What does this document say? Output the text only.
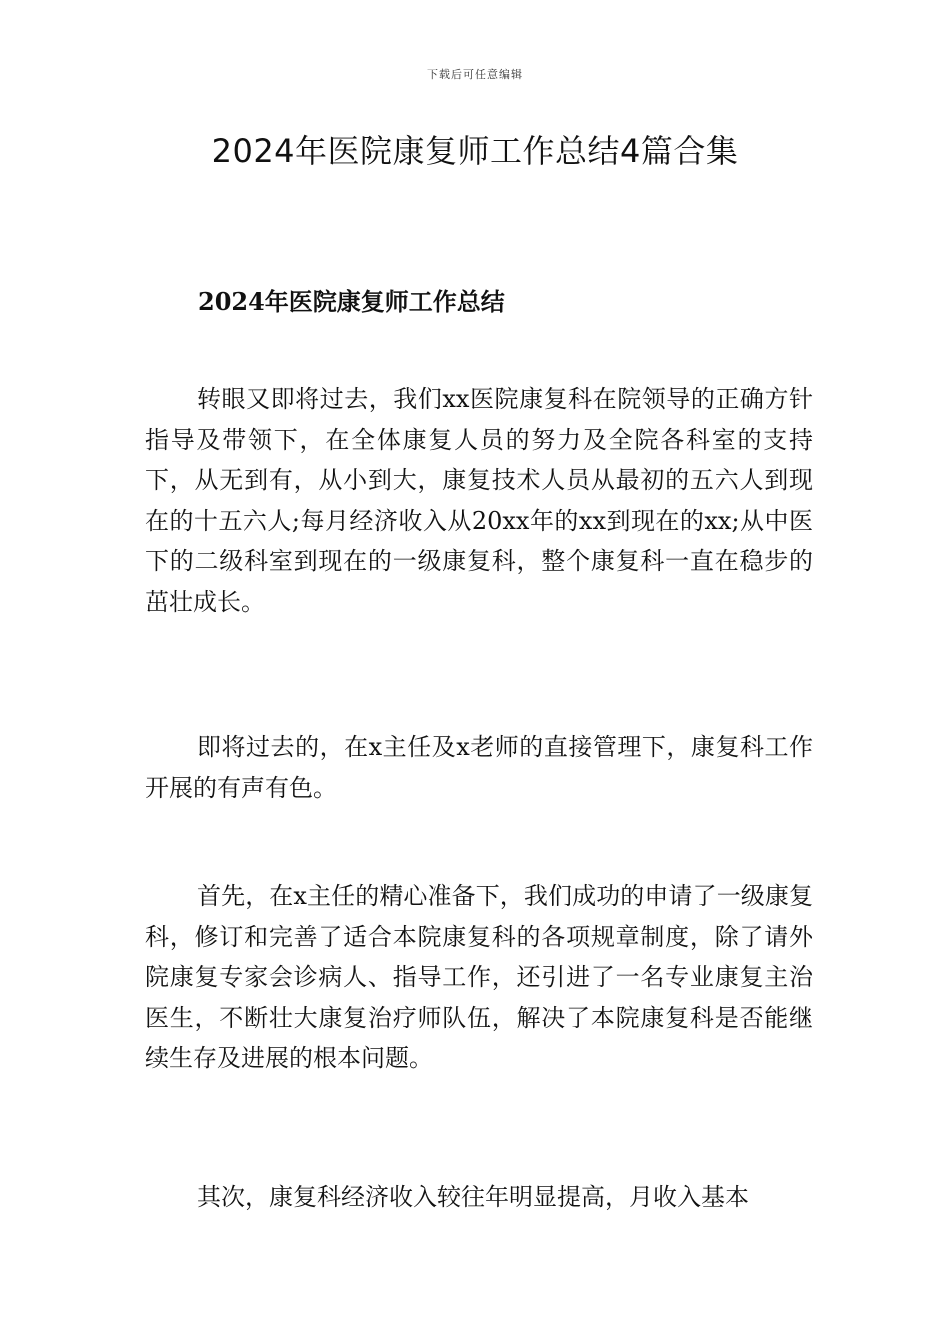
下载后可任意编辑
2024年医院康复师工作总结4篇合集
2024年医院康复师工作总结

转眼又即将过去，我们xx医院康复科在院领导的正确方针指导及带领下，在全体康复人员的努力及全院各科室的支持下，从无到有，从小到大，康复技术人员从最初的五六人到现在的十五六人;每月经济收入从20xx年的xx到现在的xx;从中医下的二级科室到现在的一级康复科，整个康复科一直在稳步的茁壮成长。

即将过去的，在x主任及x老师的直接管理下，康复科工作开展的有声有色。

首先，在x主任的精心准备下，我们成功的申请了一级康复科，修订和完善了适合本院康复科的各项规章制度，除了请外院康复专家会诊病人、指导工作，还引进了一名专业康复主治医生，不断壮大康复治疗师队伍，解决了本院康复科是否能继续生存及进展的根本问题。

其次，康复科经济收入较往年明显提高，月收入基本
